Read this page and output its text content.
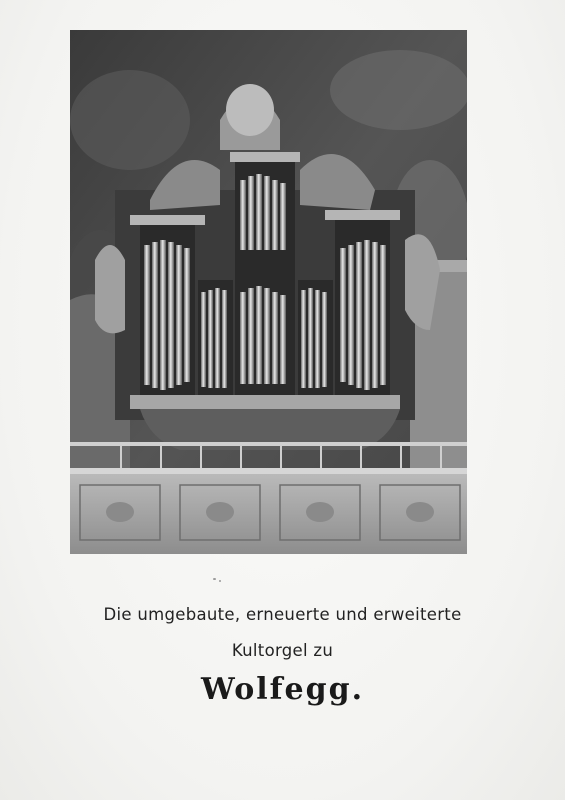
Die umgebaute, erneuerte und erweiterte
Kultorgel zu
Wolfegg.
